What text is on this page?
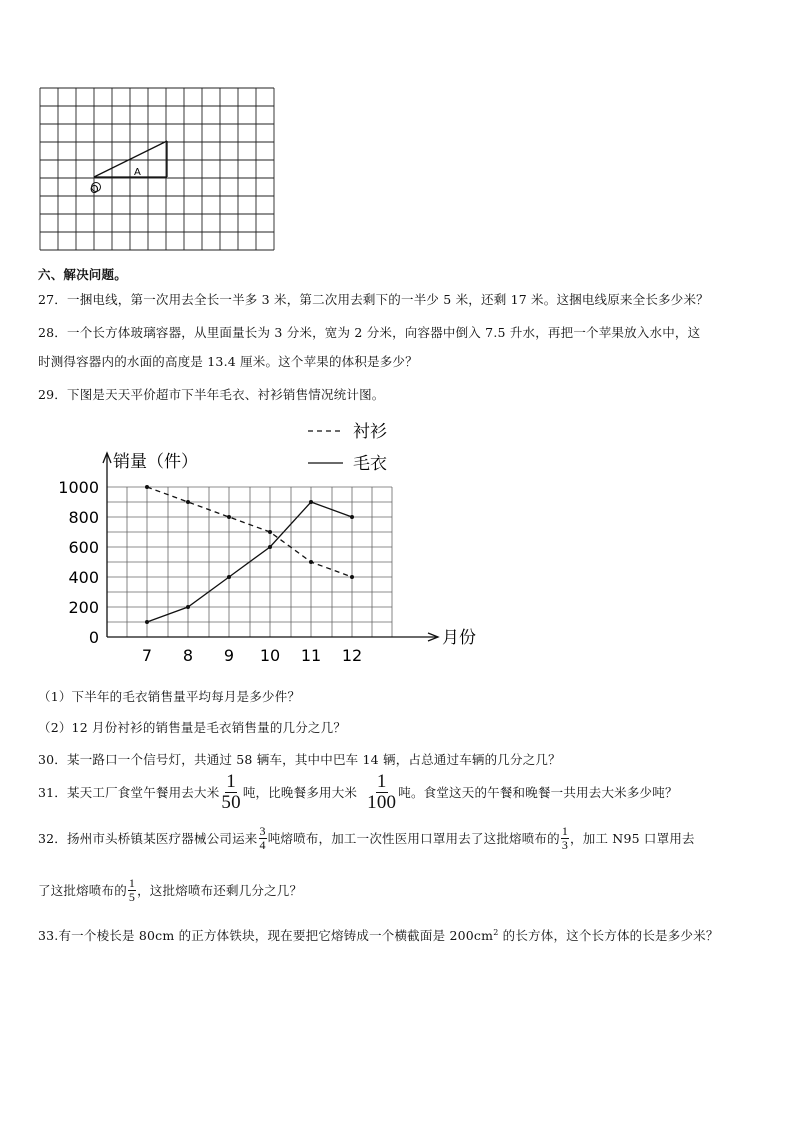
A
O
六、解决问题。
27．一捆电线，第一次用去全长一半多 3 米，第二次用去剩下的一半少 5 米，还剩 17 米。这捆电线原来全长多少米？
28．一个长方体玻璃容器，从里面量长为 3 分米，宽为 2 分米，向容器中倒入 7.5 升水，再把一个苹果放入水中，这
时测得容器内的水面的高度是 13.4 厘米。这个苹果的体积是多少？
29．下图是天天平价超市下半年毛衣、衬衫销售情况统计图。
0
200
400
600
800
1000
7 8 9 10 11 12
销量（件）
月份
衬衫
毛衣
（1）下半年的毛衣销售量平均每月是多少件？
（2）12 月份衬衫的销售量是毛衣销售量的几分之几？
30．某一路口一个信号灯，共通过 58 辆车，其中中巴车 14 辆，占总通过车辆的几分之几？
31．某天工厂食堂午餐用去大米 $\frac{1}{50}$ 吨，比晚餐多用大米 $\frac{1}{100}$ 吨。食堂这天的午餐和晚餐一共用去大米多少吨？
32．扬州市头桥镇某医疗器械公司运来 $\frac{3}{4}$ 吨熔喷布，加工一次性医用口罩用去了这批熔喷布的 $\frac{1}{3}$ ，加工 N95 口罩用去
了这批熔喷布的 $\frac{1}{5}$ ，这批熔喷布还剩几分之几？
33.有一个棱长是 80cm 的正方体铁块，现在要把它熔铸成一个横截面是 $200cm^2$ 的长方体，这个长方体的长是多少米？
